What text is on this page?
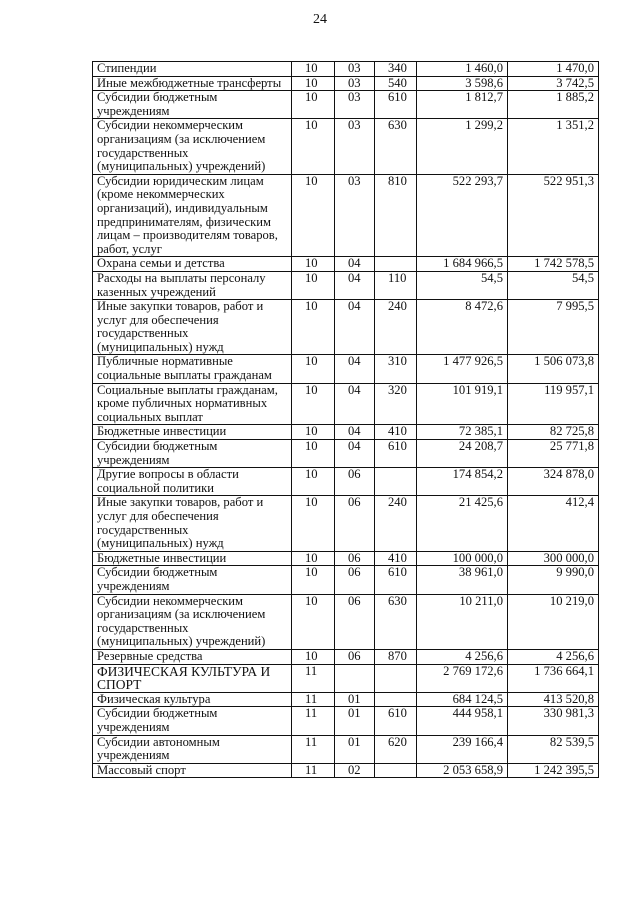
24
Стипендии	10	03	340	1 460,0	1 470,0
Иные межбюджетные трансферты	10	03	540	3 598,6	3 742,5
Субсидии бюджетным учреждениям	10	03	610	1 812,7	1 885,2
Субсидии некоммерческим организациям (за исключением государственных (муниципальных) учреждений)	10	03	630	1 299,2	1 351,2
Субсидии юридическим лицам (кроме некоммерческих организаций), индивидуальным предпринимателям, физическим лицам – производителям товаров, работ, услуг	10	03	810	522 293,7	522 951,3
Охрана семьи и детства	10	04		1 684 966,5	1 742 578,5
Расходы на выплаты персоналу казенных учреждений	10	04	110	54,5	54,5
Иные закупки товаров, работ и услуг для обеспечения государственных (муниципальных) нужд	10	04	240	8 472,6	7 995,5
Публичные нормативные социальные выплаты гражданам	10	04	310	1 477 926,5	1 506 073,8
Социальные выплаты гражданам, кроме публичных нормативных социальных выплат	10	04	320	101 919,1	119 957,1
Бюджетные инвестиции	10	04	410	72 385,1	82 725,8
Субсидии бюджетным учреждениям	10	04	610	24 208,7	25 771,8
Другие вопросы в области социальной политики	10	06		174 854,2	324 878,0
Иные закупки товаров, работ и услуг для обеспечения государственных (муниципальных) нужд	10	06	240	21 425,6	412,4
Бюджетные инвестиции	10	06	410	100 000,0	300 000,0
Субсидии бюджетным учреждениям	10	06	610	38 961,0	9 990,0
Субсидии некоммерческим организациям (за исключением государственных (муниципальных) учреждений)	10	06	630	10 211,0	10 219,0
Резервные средства	10	06	870	4 256,6	4 256,6
ФИЗИЧЕСКАЯ КУЛЬТУРА И СПОРТ	11			2 769 172,6	1 736 664,1
Физическая культура	11	01		684 124,5	413 520,8
Субсидии бюджетным учреждениям	11	01	610	444 958,1	330 981,3
Субсидии автономным учреждениям	11	01	620	239 166,4	82 539,5
Массовый спорт	11	02		2 053 658,9	1 242 395,5
